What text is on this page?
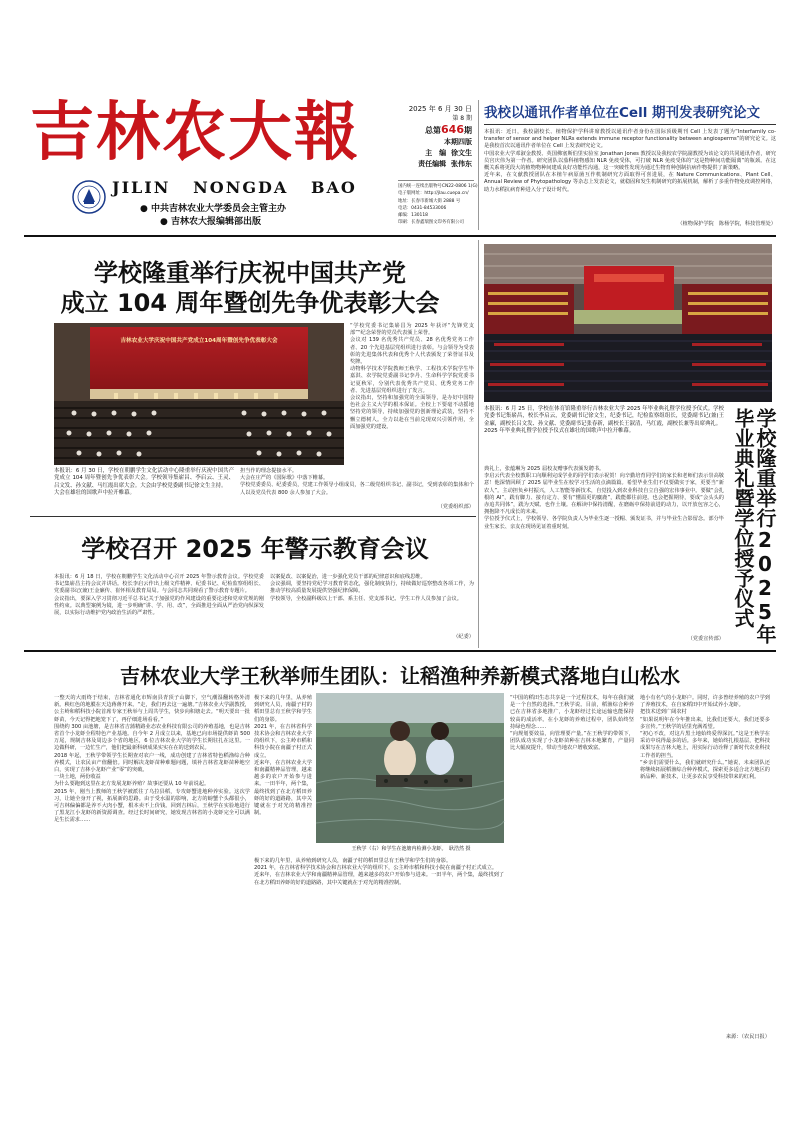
吉林农大報
JILIN   NONGDA   BAO
● 中共吉林农业大学委员会主管主办
● 吉林农大报编辑部出版
2025 年 6 月 30 日
第 8 期
总第646期
本期四版
主　编 徐文生
责任编辑 张伟东
国内统一连续出版物号CN22-0806 1(G)
电子版网址：http://jlau.cuepa.cn/
地址：长春市新城大街 2888 号
电话：0431-84533006
邮编：130118
印刷：长春鑫瑞图文印务有限公司
我校以通讯作者单位在Cell 期刊发表研究论文
本报讯：近日，我校副校长、植物保护学科讲席教授以通讯作者身份在国际顶级期刊 Cell 上发表了题为“Interfamily co-transfer of sensor and helper NLRs extends immune receptor functionality between angiosperms”的研究论文。这是我校首次以通讯作者单位在 Cell 上发表研究论文。
中国农业大学邓淑金教授、英国佛塞斯伯里实验室 Jonathan Jones 教授以及我校农学院副教授为该论文的共同通讯作者，研究员宫庆伟为第一作者。研究团队以茄科植物感知 NLR 免疫受体，可打破 NLR 免疫受体的“这是物种间功能隔离”的瓶颈。在这概关系将更段大的植物物种间建成良好功能性沟通，这一突破性发现为通过生物育种创制抗病作物提供了新策略。
近年来，在文献教授团队在本植午病原菌互作机制研究方面取得可喜进展，在 Nature Communications、Plant Cell、Annual Review of Phytopathology 等杂志上发表论文，就稳固和发生机制研究的拓展机制，解析了多重作物免疫调控网络，助力水稻抗病育种进入分子设计时代。
（植物保护学院　陈杨学院，科技管理处）
学校隆重举行庆祝中国共产党
成立 104 周年暨创先争优表彰大会
吉林农业大学庆祝中国共产党成立104周年暨创先争优表彰大会
本报讯：6 月 30 日，学校在朝鹏学生文化活动中心隆重举行庆祝中国共产党成立 104 周年暨创先争优表彰大会。学校领导集崭昌、李启云、王灵、吕文发、孙文献、马红霞出席大会。大会由学校党委副书记徐文生主持。
大会在雄壮的国歌声中拉开帷幕。
“学校党委书记集崭昌为 2025 年获评“先锋党支部”“纪念荣誉的党员代表颁上荣誉。
会议对 139 名优秀共产党员、28 名优秀党务工作者、20 个先进基层党组织进行表彰。与会领导为受表彰的先进集体代表和优秀个人代表颁发了荣誉证书及奖牌。
动物科学技术学院教师王秋学、工程技术学院学生毕嘉淇、农学院党委副书记李丹、生命科学学院党委书记夏秋军，分别代表优秀共产党员、优秀党务工作者、先进基层党组织进行了发言。
会议指出，坚持和加强党的全面领导，是办好中国特色社会主义大学的根本保证。全校上下要毫不动摇地坚持党的领导，持续加强党的创新理论武装，坚持不懈立德树人。全力以赴在当前兑现双兴引领作用，全面加强党的建设。
担当作的理念提接水平。
大会在庄严的《国际歌》中落下帷幕。
学校党委委员、纪委委员，党建工作领导小组成员，各二级党组织书记、副书记，受到表彰的集体和个人以及党员代表 800 余人参加了大会。
（党委组织部）
学校召开 2025 年警示教育会议
本报讯：6 月 18 日，学校在朝鹏学生文化活动中心召开 2025 年警示教育会议。学校党委书记集崭昌主持会议并讲话。校长李启云作出上级文件精神、纪委书记、纪检监察组组长、党委副书记(兼)王金廉传、崔怀相及教育局局。与会同志共同观看了警示教育专题片。
会议指出，要深入学习贯彻习近平总书记关于加强党的作风建设的重要论述和党章党规的刚性约束。以典型案例为镜，进一步明确“讲、学、用、改”，全面推进全面从严治党向纵深发展，以实际行动维护党内政治生活的严肃性。
以案促改、以案促治，进一步强化党员干部的纪律意识和底线思维。
会议强调，要坚持党纪学习教育常态化，强化制度执行，持续做好巡察整改各项工作，为推动学校高质量发展提供坚强纪律保障。
学校领导，全校副科级以上干部、系主任、党支部书记、学生工作人员参加了会议。
（纪委）
本报讯：6 月 25 日，学校在体育馆隆重举行吉林农业大学 2025 年毕业典礼暨学位授予仪式。学校党委书记集崭昌，校长李启云，党委副书记徐文生，纪委书记，纪检监察组组长，党委副书记(兼)王金廉，副校长吕文发、孙文献、党委副书记张春新，副校长王淑清，马红霞，副校长兼等出席典礼。
2025 年毕业典礼暨学位授予仪式在雄壮的国歌声中拉开帷幕。
典礼上，张蕴琳为 2025 届校友赠事代表颁发聘书。
李启云代表全校教职工向顺利完成学业的同学们表示祝贺！向辛勤培育同学们的家长和老师们表示崇高敬意！他深情回顾了 2025 届毕业生在校学习生活的点滴篇篇。希望毕业生们不仅要做实于家，更要当“新农人”。主动担负乡村振兴，人工智能等新技术，自觉投入到农业科技自立自强的宏伟事业中。要做“会扎根的 AI”，践有脚力、接有定力、要有“懂温更的麋鹿”，践能都往前迎。也会把握期待，要成“会头头的赤追共同体”，践为天赋、也作土壤。在解读中保持清醒，在磨砺中保持前进的动力，以开放包容之心，拥抱降不凡成长的未来。
学位授予仪式上，学校领导、各学院负责人为毕业生逐一授帽、颁发证书，并与毕业生合影留念。部分毕业生家长、亲友在现场见证着重时刻。
（党委宣传部）	学校隆重举行2025年毕业典礼暨学位授予仪式
吉林农业大学王秋举师生团队：让稻渔种养新模式落地白山松水
一整天的大雨终于结束，吉林省通化市辉南县青顶子山脚下，空气潮湿翻转格外清新。秧红色的地膜在天边蒋蒋开来。“走，我们再去这一遍塘。”吉林农业大学副教授，公主岭和稻科技小院首席专家王秋举与上周共学生，快步向积塘走去。“明天要出一批虾苗，今天记得把地笼下了，再仔细进场看看。”
围绕约 300 亩池塘，是吉林省吉蒲精路业态农业科技有限公司的养殖基地，也是吉林省首个小龙虾全程特色产业基地。自今年 2 月成立以来，基地已向市场提供虾苗 500 万尾，规制吉林及周边多个省的地区，6 位吉林农业大学的学生长期驻扎在这里。一边做科研，一边忙生产，他们把最新科研成果实实在在的送到农民。
2018 年起，王秋学带领学生长期查对农户一线，成功创建了吉林省特色稻渔综合种养模式，让农民亩产值翻倍。同时解决龙虾苗种难题问题，填补吉林省龙虾苗种地空白，实现了吉林小龙虾产业“零”的突破。
一块土地，两份收益
为什么要跑到这里在北方发展龙虾养殖？故事还要从 10 年前说起。
2015 年，刚当上教师的王秋学被派往了乌拉县稻，专攻虾蟹进地种养实验。这次学习，让她全身开了视，拓展新的思路。由于受水温的影响，北方的螃蟹个头都很小，可吉林偏偏都是养不大肉小蟹，根本卖不上价钱。回到吉林后，王秋学在实验地进行了黑龙江小龙虾的新资源调查。经过长时间研究，她发现吉林省的小龙虾完全可以满足生长需求……
极下来的几年里，从养殖到研究人员，南疆子村的稻田里总有王秋学和学生们的身影。
2021 年，在吉林省科学技术协会和吉林农业大学的组织下，公主岭市稻和科技小院在南疆子村正式成立。
近来年，在吉林农业大学和南疆精神品管理，越来越多的农户开始参与进来。一田半年，两个集，最终找到了在北方稻田养虾的好的道路路，其中关键就在于对光的精准控制。
王秋学（右）和学生在池塘内检测小龙虾。　耿浩然 摄
极下来的几年里，从养殖到研究人员，南疆子村的稻田里总有王秋学和学生们的身影。
2021 年，在吉林省科学技术协会和吉林农业大学的组织下，公主岭市稻和科技小院在南疆子村正式成立。
近来年，在吉林农业大学和南疆精神品管理，越来越多的农户开始参与进来。一田半年，两个集，最终找到了在北方稻田养虾的好的道路路，其中关键就在于对光的精准控制。
“中国的稻田生态共享是一个过程技术，每年在我们就是一个自然的选择。”王秋学说。目前，稻渔综合种养已在吉林省多地推广，小龙虾经过长途运输也能保持较高的成活率。在小龙虾的养殖过程中，团队始终坚持绿色理念……
“向规划要效益，向管理要产量。”在王秋学的带领下，团队成功实现了小龙虾苗种在吉林本地繁育，产量同比大幅度提升，带动当地农户增收致富。
地小有名气的小龙虾户。同时，许多曾经养殖的农户学到了养殖技术，在自家稻田中开始试养小龙虾。
把技术送到广阔农村
“如果说明年在今年推出来，比我们还要大，我们还要多多宣传。”王秋学的话里充满希望。
“初心不改，对这片黑土地始终爱得深沉。”这是王秋学在采访中说得最多的话。多年来，她始终扎根基层，把科技成果写在吉林大地上，用实际行动诠释了新时代农业科技工作者的担当。
“乡亲们需要什么，我们就研究什么。”她说，未来团队还将继续拓展稻渔综合种养模式，探索更多适合北方地区的新品种、新技术，让更多农民享受科技带来的红利。
来源：（农民日报）
